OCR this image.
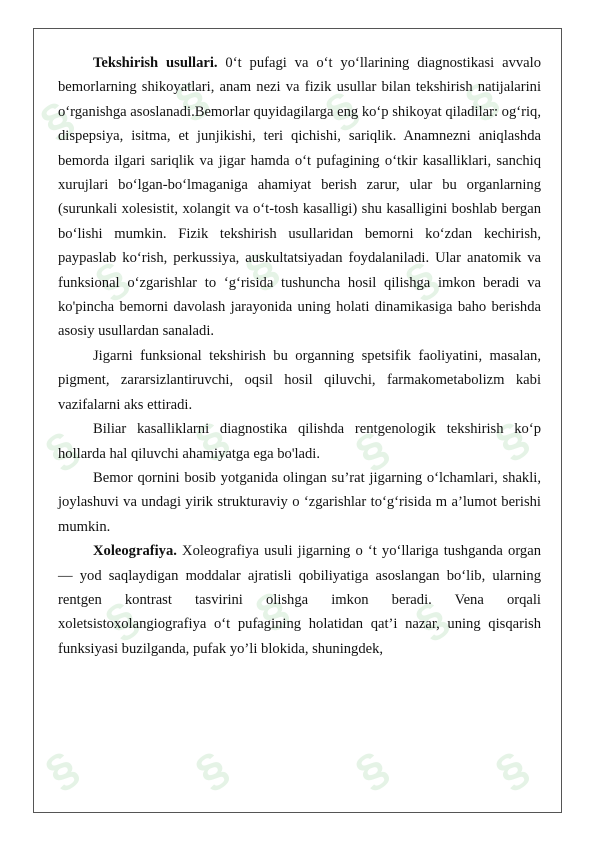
§ § § §
§ § §
§ § § §
§ § §
§ § § §

Tekshirish usullari. 0‘t pufagi va o‘t yo‘llarining diagnostikasi avvalo bemorlarning shikoyatlari, anam nezi va fizik usullar bilan tekshirish natijalarini o‘rganishga asoslanadi.Bemorlar quyidagilarga eng ko‘p shikoyat qiladilar: og‘riq, dispepsiya, isitma, et junjikishi, teri qichishi, sariqlik. Anamnezni aniqlashda bemorda ilgari sariqlik va jigar hamda o‘t pufagining o‘tkir kasalliklari, sanchiq xurujlari bo‘lgan-bo‘lmaganiga ahamiyat berish zarur, ular bu organlarning (surunkali xolesistit, xolangit va o‘t-tosh kasalligi) shu kasalligini boshlab bergan bo‘lishi mumkin. Fizik tekshirish usullaridan bemorni ko‘zdan kechirish, paypaslab ko‘rish, perkussiya, auskultatsiyadan foydalaniladi. Ular anatomik va funksional o‘zgarishlar to ‘g‘risida tushuncha hosil qilishga imkon beradi va ko'pincha bemorni davolash jarayonida uning holati dinamikasiga baho berishda asosiy usullardan sanaladi.

Jigarni funksional tekshirish bu organning spetsifik faoliyatini, masalan, pigment, zararsizlantiruvchi, oqsil hosil qiluvchi, farmakometabolizm kabi vazifalarni aks ettiradi.

Biliar kasalliklarni diagnostika qilishda rentgenologik tekshirish ko‘p hollarda hal qiluvchi ahamiyatga ega bo'ladi.

Bemor qornini bosib yotganida olingan su’rat jigarning o‘lchamlari, shakli, joylashuvi va undagi yirik strukturaviy o ‘zgarishlar to‘g‘risida m a’lumot berishi mumkin.

Xoleografiya. Xoleografiya usuli jigarning o ‘t yo‘llariga tushganda organ — yod saqlaydigan moddalar ajratisli qobiliyatiga asoslangan bo‘lib, ularning rentgen kontrast tasvirini olishga imkon beradi. Vena orqali xoletsistoxolangiografiya o‘t pufagining holatidan qat’i nazar, uning qisqarish funksiyasi buzilganda, pufak yo’li blokida, shuningdek,
